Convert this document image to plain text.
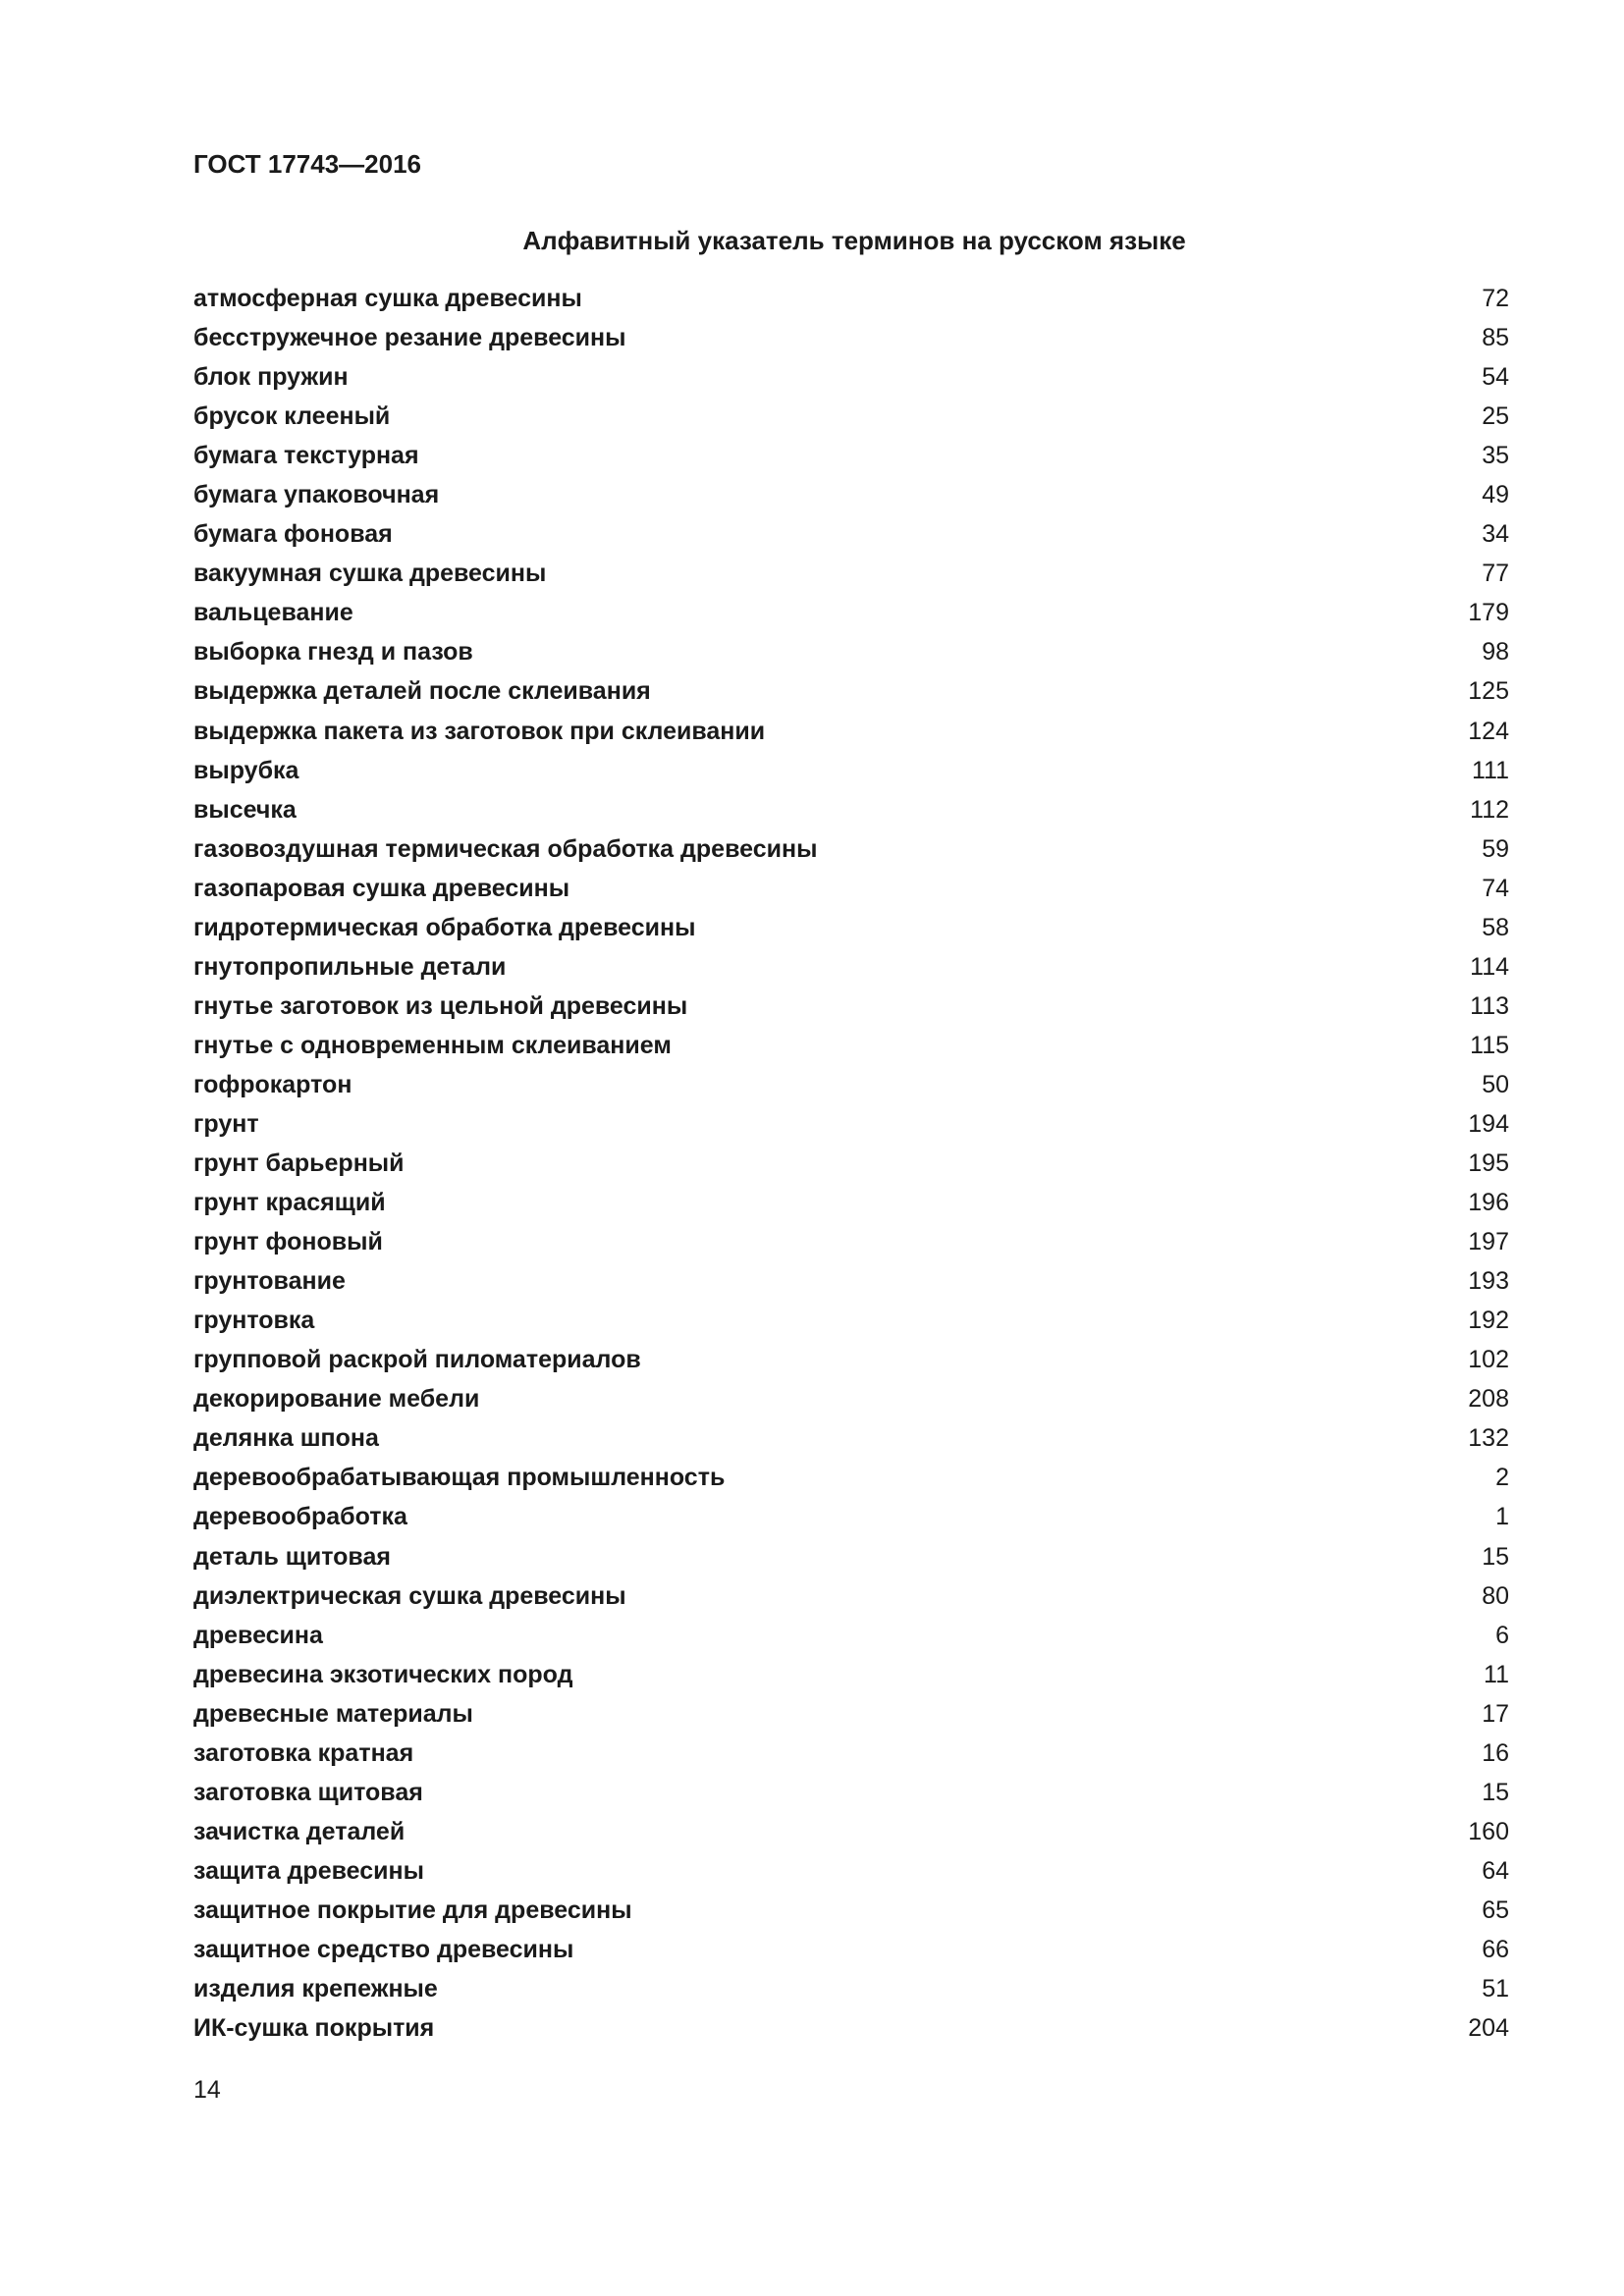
ГОСТ 17743—2016
Алфавитный указатель терминов на русском языке
атмосферная сушка древесины	72
бесстружечное резание древесины	85
блок пружин	54
брусок клееный	25
бумага текстурная	35
бумага упаковочная	49
бумага фоновая	34
вакуумная сушка древесины	77
вальцевание	179
выборка гнезд и пазов	98
выдержка деталей после склеивания	125
выдержка пакета из заготовок при склеивании	124
вырубка	111
высечка	112
газовоздушная термическая обработка древесины	59
газопаровая сушка древесины	74
гидротермическая обработка древесины	58
гнутопропильные детали	114
гнутье заготовок из цельной древесины	113
гнутье с одновременным склеиванием	115
гофрокартон	50
грунт	194
грунт барьерный	195
грунт красящий	196
грунт фоновый	197
грунтование	193
грунтовка	192
групповой раскрой пиломатериалов	102
декорирование мебели	208
делянка шпона	132
деревообрабатывающая промышленность	2
деревообработка	1
деталь щитовая	15
диэлектрическая сушка древесины	80
древесина	6
древесина экзотических пород	11
древесные материалы	17
заготовка кратная	16
заготовка щитовая	15
зачистка деталей	160
защита древесины	64
защитное покрытие для древесины	65
защитное средство древесины	66
изделия крепежные	51
ИК-сушка покрытия	204
14
